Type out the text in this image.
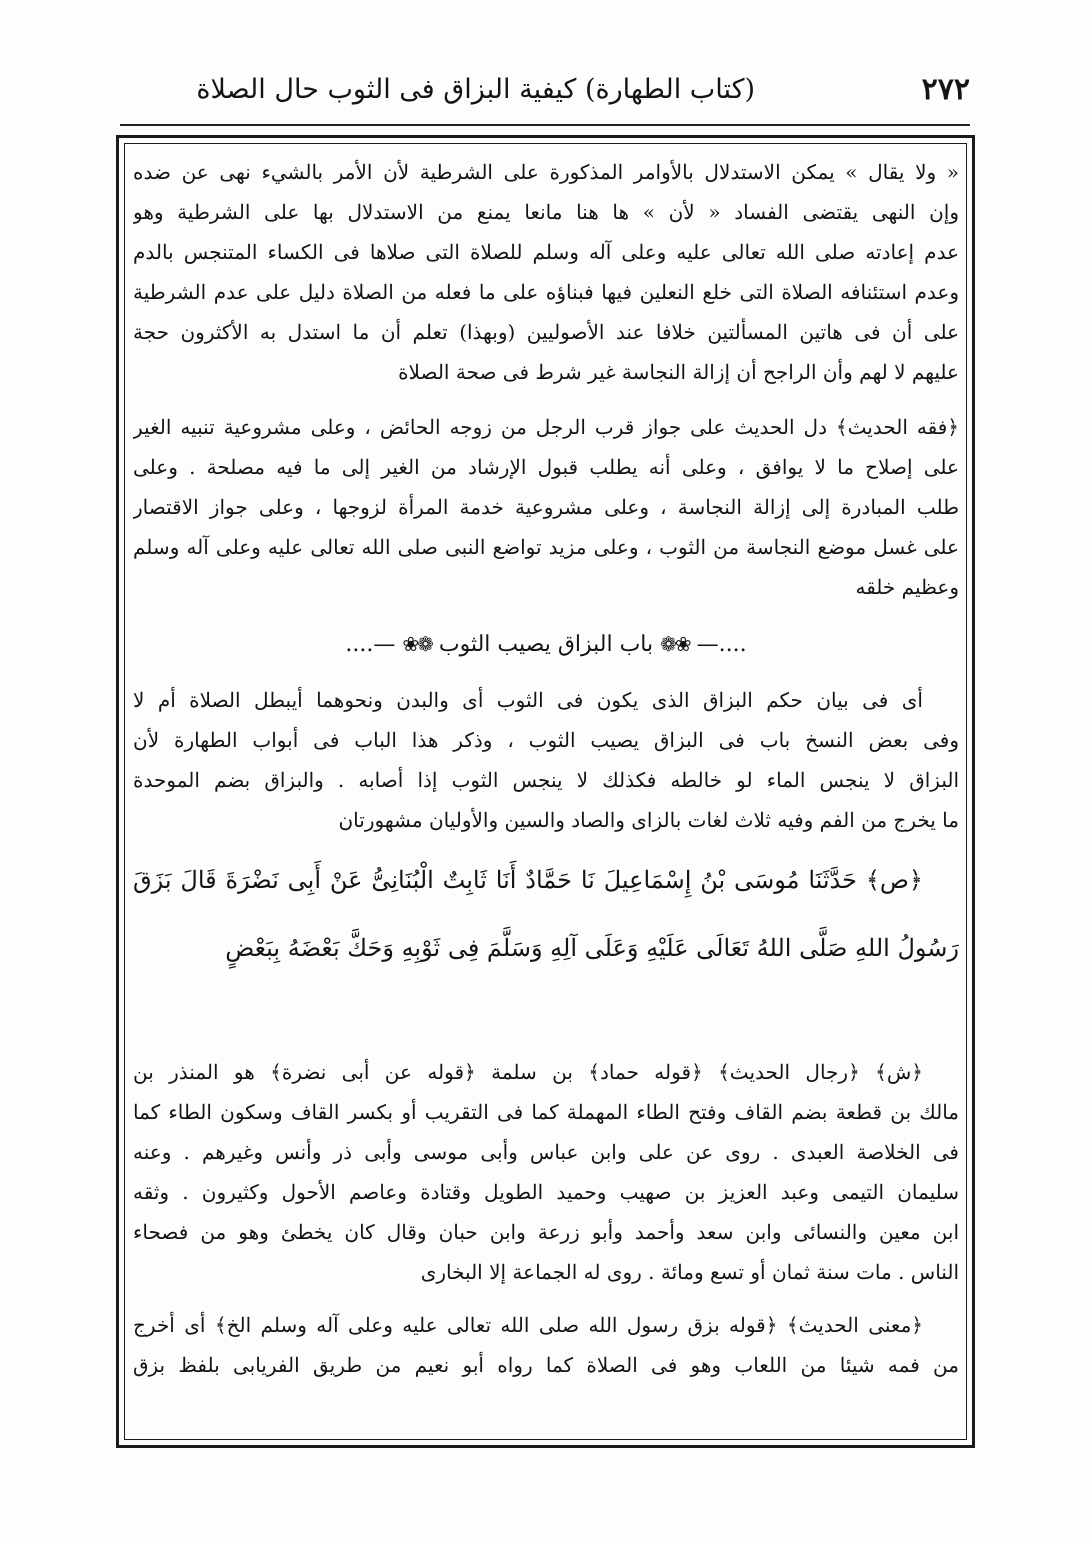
٢٧٢
(كتاب الطهارة) كيفية البزاق فى الثوب حال الصلاة
« ولا يقال » يمكن الاستدلال بالأوامر المذكورة على الشرطية لأن الأمر بالشيء نهى عن ضده
وإن النهى يقتضى الفساد « لأن » ها هنا مانعا يمنع من الاستدلال بها على الشرطية وهو
عدم إعادته صلى الله تعالى عليه وعلى آله وسلم للصلاة التى صلاها فى الكساء المتنجس بالدم
وعدم استئنافه الصلاة التى خلع النعلين فيها فبناؤه على ما فعله من الصلاة دليل على عدم الشرطية
على أن فى هاتين المسألتين خلافا عند الأصوليين (وبهذا) تعلم أن ما استدل به الأكثرون حجة
عليهم لا لهم وأن الراجح أن إزالة النجاسة غير شرط فى صحة الصلاة
﴿فقه الحديث﴾ دل الحديث على جواز قرب الرجل من زوجه الحائض ، وعلى مشروعية تنبيه الغير
على إصلاح ما لا يوافق ، وعلى أنه يطلب قبول الإرشاد من الغير إلى ما فيه مصلحة . وعلى
طلب المبادرة إلى إزالة النجاسة ، وعلى مشروعية خدمة المرأة لزوجها ، وعلى جواز الاقتصار
على غسل موضع النجاسة من الثوب ، وعلى مزيد تواضع النبى صلى الله تعالى عليه وعلى آله وسلم
وعظيم خلقه
....— ❀❁ باب البزاق يصيب الثوب ❁❀ —....
أى فى بيان حكم البزاق الذى يكون فى الثوب أى والبدن ونحوهما أيبطل الصلاة أم لا
وفى بعض النسخ باب فى البزاق يصيب الثوب ، وذكر هذا الباب فى أبواب الطهارة لأن
البزاق لا ينجس الماء لو خالطه فكذلك لا ينجس الثوب إذا أصابه . والبزاق بضم الموحدة
ما يخرج من الفم وفيه ثلاث لغات بالزاى والصاد والسين والأوليان مشهورتان
﴿ص﴾ حَدَّثَنَا مُوسَى بْنُ إِسْمَاعِيلَ نَا حَمَّادٌ أَنَا ثَابِتٌ الْبُنَانِىُّ عَنْ أَبِى نَضْرَةَ قَالَ بَزَقَ
رَسُولُ اللهِ صَلَّى اللهُ تَعَالَى عَلَيْهِ وَعَلَى آلِهِ وَسَلَّمَ فِى ثَوْبِهِ وَحَكَّ بَعْضَهُ بِبَعْضٍ
﴿ش﴾ ﴿رجال الحديث﴾ ﴿قوله حماد﴾ بن سلمة ﴿قوله عن أبى نضرة﴾ هو المنذر بن
مالك بن قطعة بضم القاف وفتح الطاء المهملة كما فى التقريب أو بكسر القاف وسكون الطاء كما
فى الخلاصة العبدى . روى عن على وابن عباس وأبى موسى وأبى ذر وأنس وغيرهم . وعنه
سليمان التيمى وعبد العزيز بن صهيب وحميد الطويل وقتادة وعاصم الأحول وكثيرون . وثقه
ابن معين والنسائى وابن سعد وأحمد وأبو زرعة وابن حبان وقال كان يخطئ وهو من فصحاء
الناس . مات سنة ثمان أو تسع ومائة . روى له الجماعة إلا البخارى
﴿معنى الحديث﴾ ﴿قوله بزق رسول الله صلى الله تعالى عليه وعلى آله وسلم الخ﴾ أى أخرج
من فمه شيئا من اللعاب وهو فى الصلاة كما رواه أبو نعيم من طريق الفريابى بلفظ بزق
